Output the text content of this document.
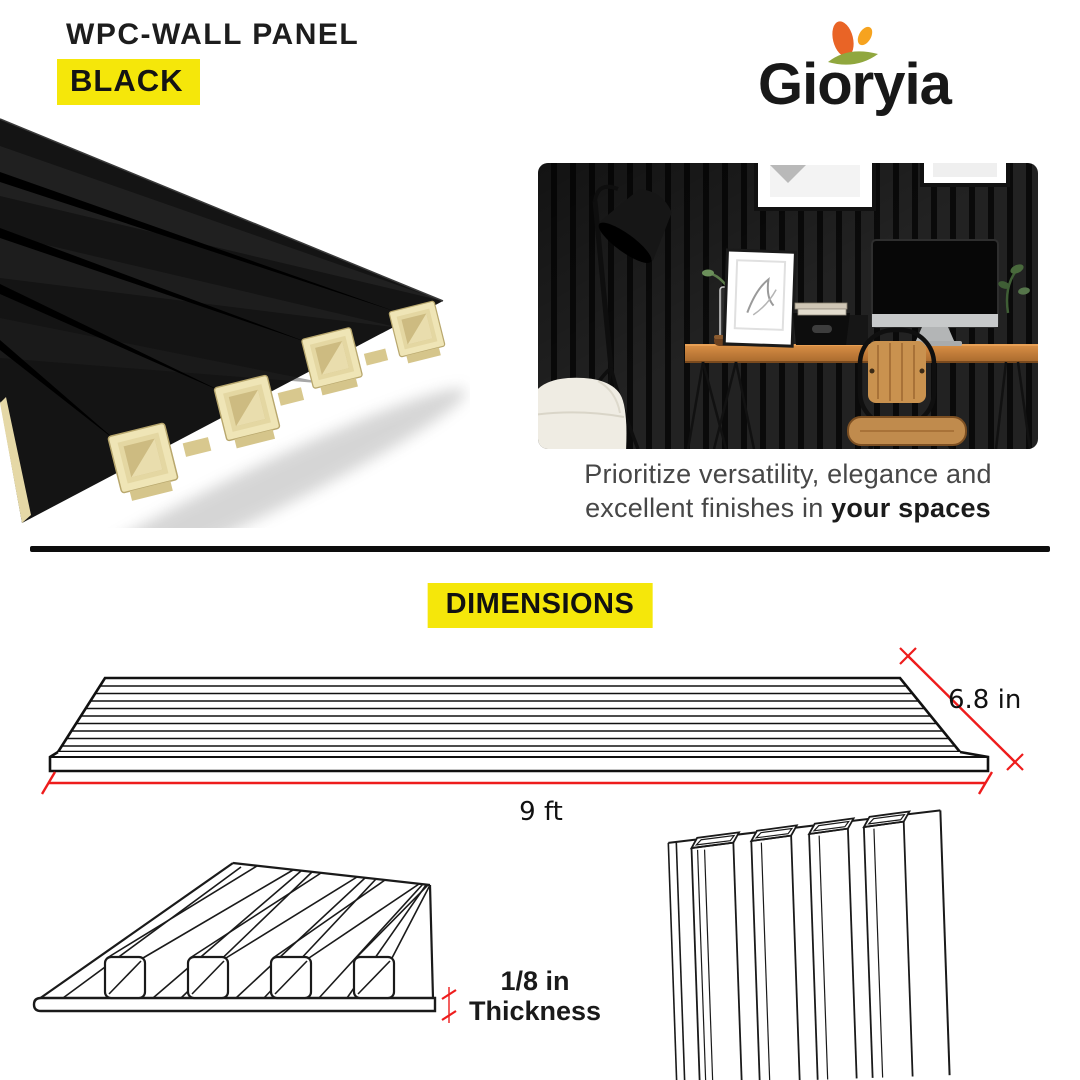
WPC-WALL PANEL
BLACK	Gioryia
Prioritize versatility, elegance and
excellent finishes in your spaces
DIMENSIONS
9 ft
6.8 in
1/8 in
Thickness
